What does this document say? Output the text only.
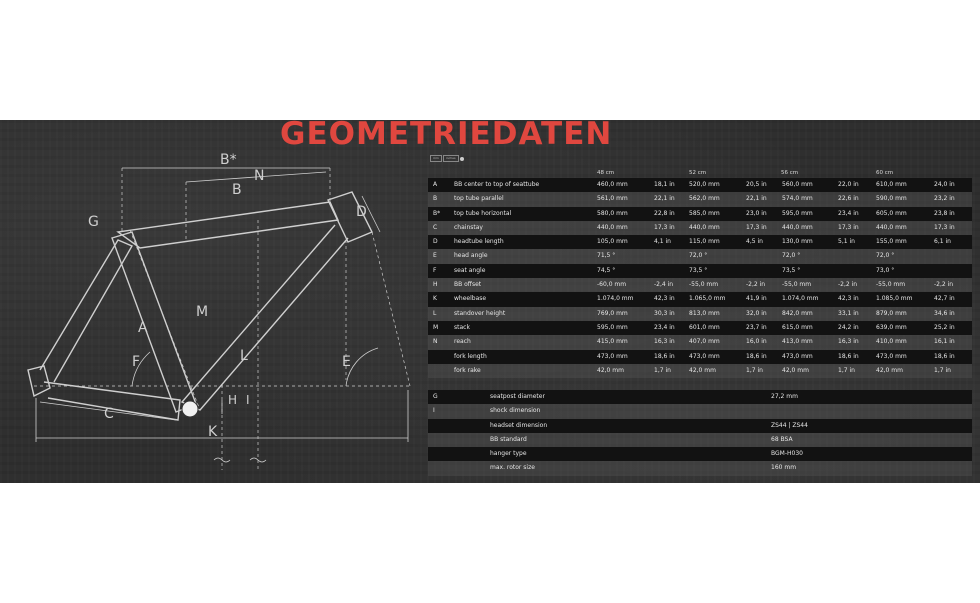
GEOMETRIEDATEN
B*
B
N
D
G
A
M
F	L	E
C
H I
K
mm	inches
48 cm	52 cm	56 cm	60 cm
A	BB center to top of seattube	460,0 mm	18,1 in 520,0 mm	20,5 in	560,0 mm	22,0 in	610,0 mm	24,0 in
B	top tube parallel	561,0 mm	22,1 in 562,0 mm	22,1 in	574,0 mm	22,6 in	590,0 mm	23,2 in
B* top tube horizontal	580,0 mm	22,8 in 585,0 mm	23,0 in	595,0 mm	23,4 in	605,0 mm	23,8 in
C	chainstay	440,0 mm	17,3 in 440,0 mm	17,3 in	440,0 mm	17,3 in	440,0 mm	17,3 in
D	headtube length	105,0 mm	4,1 in	115,0 mm	4,5 in	130,0 mm	5,1 in	155,0 mm	6,1 in
E	head angle	71,5 °	72,0 °	72,0 °	72,0 °
F	seat angle	74,5 °	73,5 °	73,5 °	73,0 °
H	BB offset	-60,0 mm	-2,4 in	-55,0 mm	-2,2 in	-55,0 mm	-2,2 in	-55,0 mm	-2,2 in
K	wheelbase	1.074,0 mm	42,3 in 1.065,0 mm	41,9 in	1.074,0 mm	42,3 in	1.085,0 mm	42,7 in
L	standover height	769,0 mm	30,3 in 813,0 mm	32,0 in	842,0 mm	33,1 in	879,0 mm	34,6 in
M	stack	595,0 mm	23,4 in 601,0 mm	23,7 in	615,0 mm	24,2 in	639,0 mm	25,2 in
N	reach	415,0 mm	16,3 in 407,0 mm	16,0 in	413,0 mm	16,3 in	410,0 mm	16,1 in
fork length	473,0 mm	18,6 in 473,0 mm	18,6 in	473,0 mm	18,6 in	473,0 mm	18,6 in
fork rake	42,0 mm	1,7 in	42,0 mm	1,7 in	42,0 mm	1,7 in	42,0 mm	1,7 in
G	seatpost diameter	27,2 mm
I	shock dimension
headset dimension	ZS44 | ZS44
BB standard	68 BSA
hanger type	BGM-H030
max. rotor size	160 mm
